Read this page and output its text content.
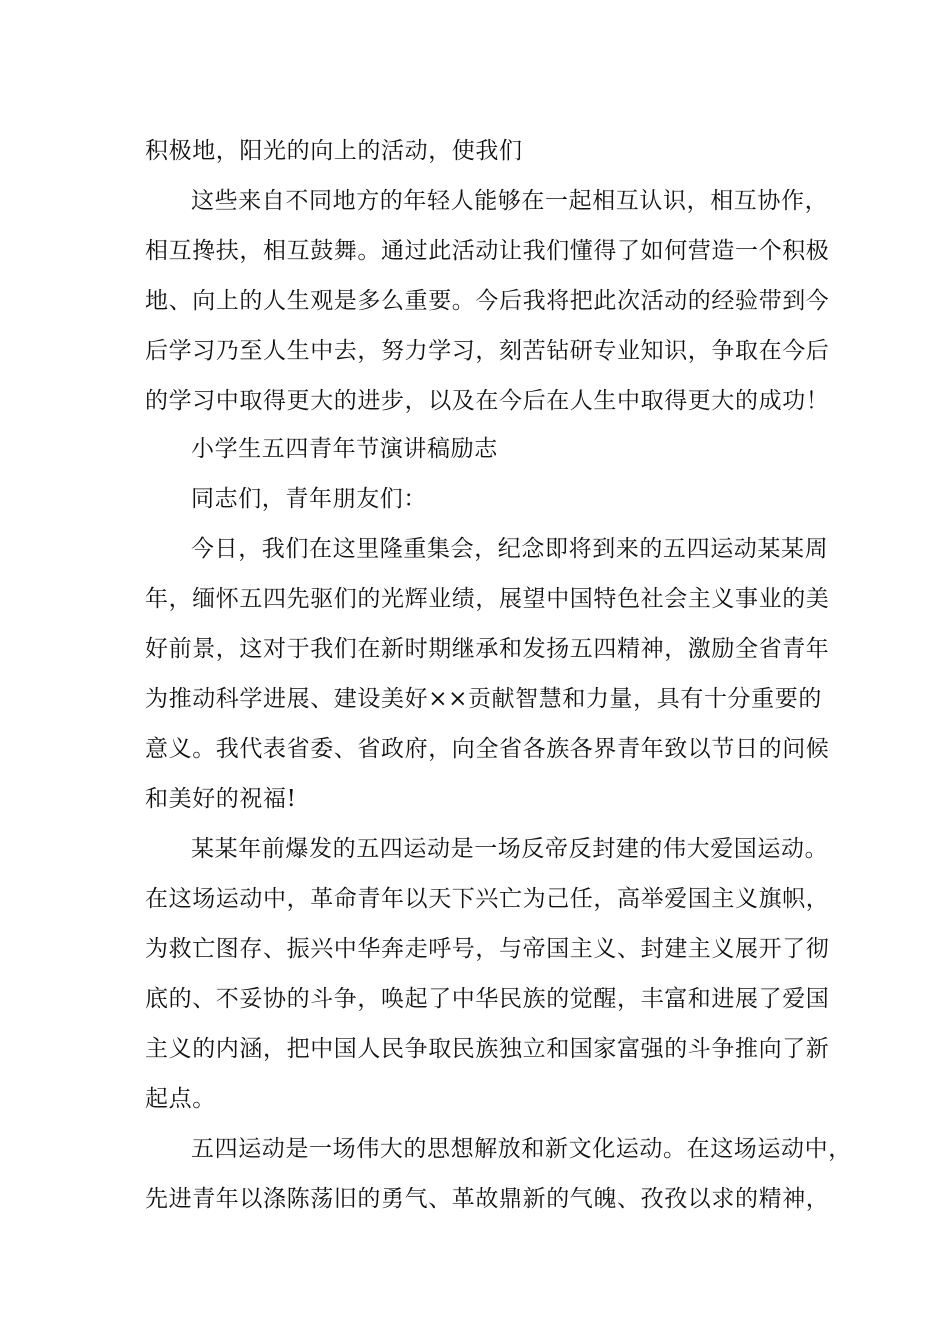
积极地，阳光的向上的活动，使我们
这些来自不同地方的年轻人能够在一起相互认识，相互协作，
相互搀扶，相互鼓舞。通过此活动让我们懂得了如何营造一个积极
地、向上的人生观是多么重要。今后我将把此次活动的经验带到今
后学习乃至人生中去，努力学习，刻苦钻研专业知识，争取在今后
的学习中取得更大的进步，以及在今后在人生中取得更大的成功！
小学生五四青年节演讲稿励志
同志们，青年朋友们：
今日，我们在这里隆重集会，纪念即将到来的五四运动某某周
年，缅怀五四先驱们的光辉业绩，展望中国特色社会主义事业的美
好前景，这对于我们在新时期继承和发扬五四精神，激励全省青年
为推动科学进展、建设美好××贡献智慧和力量，具有十分重要的
意义。我代表省委、省政府，向全省各族各界青年致以节日的问候
和美好的祝福!
某某年前爆发的五四运动是一场反帝反封建的伟大爱国运动。
在这场运动中，革命青年以天下兴亡为己任，高举爱国主义旗帜，
为救亡图存、振兴中华奔走呼号，与帝国主义、封建主义展开了彻
底的、不妥协的斗争，唤起了中华民族的觉醒，丰富和进展了爱国
主义的内涵，把中国人民争取民族独立和国家富强的斗争推向了新
起点。
五四运动是一场伟大的思想解放和新文化运动。在这场运动中，
先进青年以涤陈荡旧的勇气、革故鼎新的气魄、孜孜以求的精神，
